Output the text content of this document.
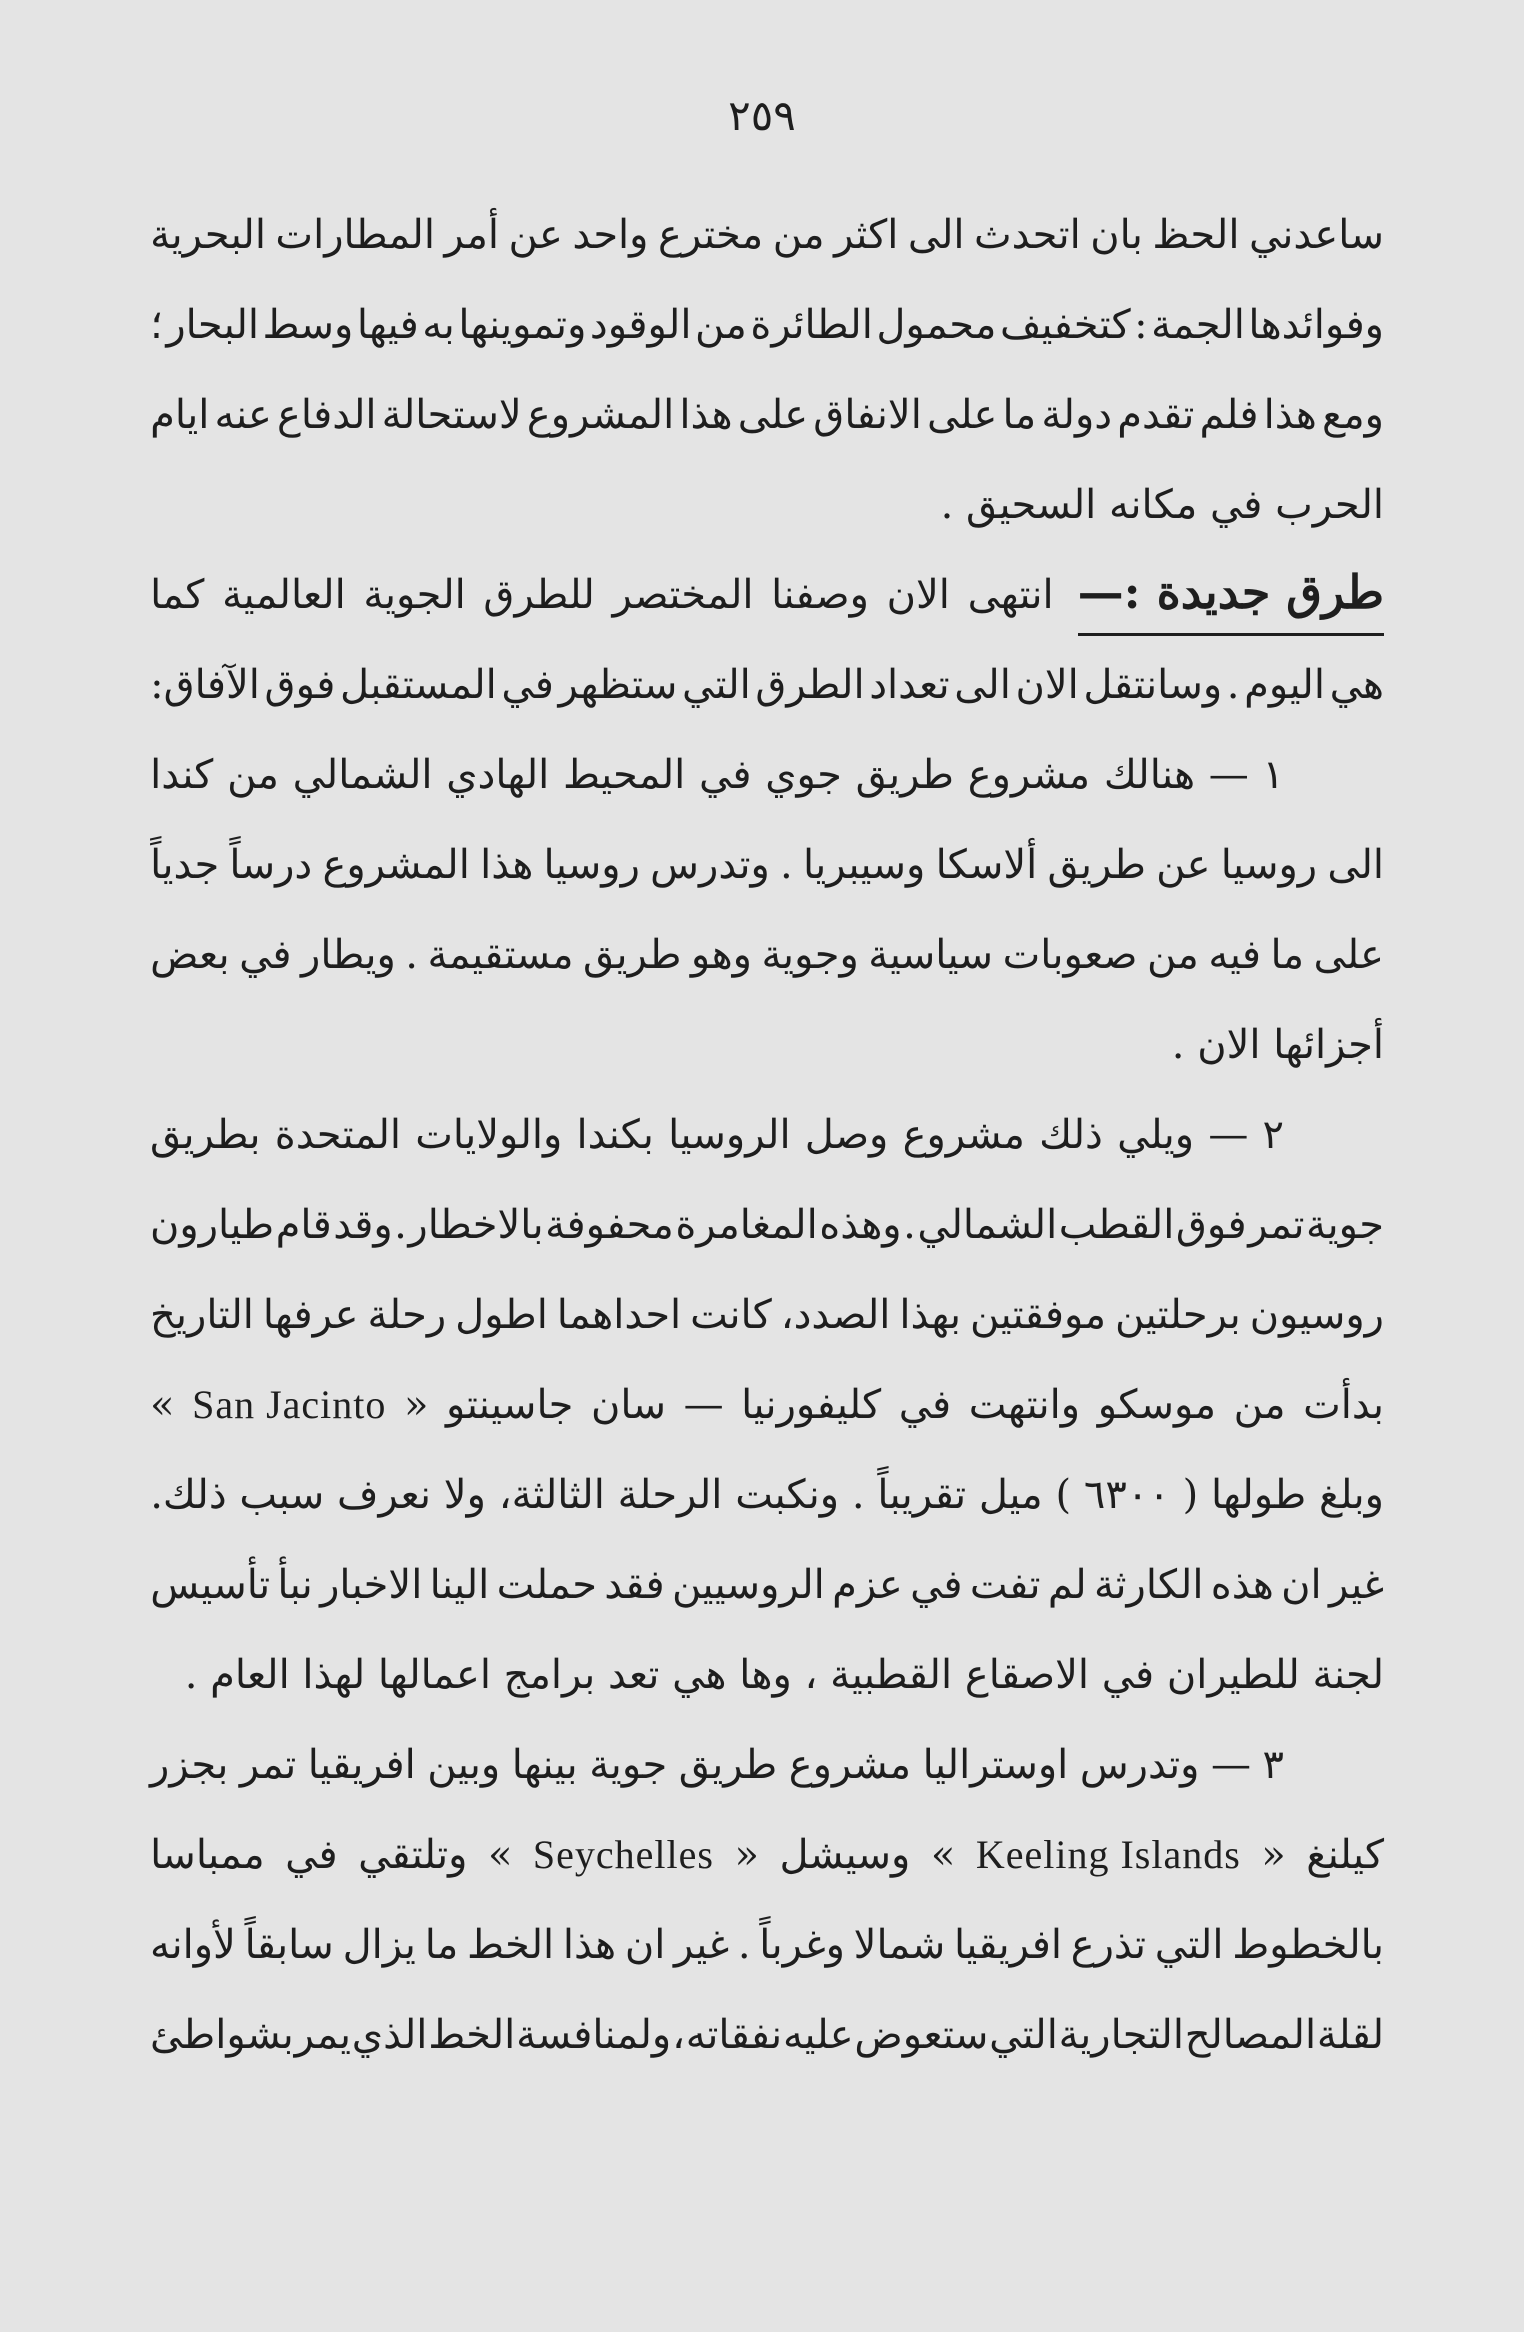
٢٥٩
ساعدني
الحظ
بان
اتحدث
الى
اكثر
من
مخترع
واحد
عن
أمر
المطارات
البحرية
وفوائدها
الجمة
:
كتخفيف
محمول
الطائرة
من
الوقود
وتموينها
به
فيها
وسط
البحار
؛
ومع
هذا
فلم
تقدم
دولة
ما
على
الانفاق
على
هذا
المشروع
لاستحالة
الدفاع
عنه
ايام
الحرب في مكانه السحيق .
طرق جديدة :—
انتهى
الان
وصفنا
المختصر
للطرق
الجوية
العالمية
كما
هي
اليوم
.
وسانتقل
الان
الى
تعداد
الطرق
التي
ستظهر
في
المستقبل
فوق
الآفاق:
١
—
هنالك
مشروع
طريق
جوي
في
المحيط
الهادي
الشمالي
من
كندا
الى
روسيا
عن
طريق
ألاسكا
وسيبريا
.
وتدرس
روسيا
هذا
المشروع
درساً
جدياً
على
ما
فيه
من
صعوبات
سياسية
وجوية
وهو
طريق
مستقيمة
.
ويطار
في
بعض
أجزائها الان .
٢
—
ويلي
ذلك
مشروع
وصل
الروسيا
بكندا
والولايات
المتحدة
بطريق
جوية
تمر
فوق
القطب
الشمالي
.
وهذه
المغامرة
محفوفة
بالاخطار
.
وقد
قام
طيارون
روسيون
برحلتين
موفقتين
بهذا
الصدد،
كانت
احداهما
اطول
رحلة
عرفها
التاريخ
بدأت
من
موسكو
وانتهت
في
كليفورنيا
—
سان
جاسينتو
«
San Jacinto
»
وبلغ
طولها
(
٦٣٠٠
)
ميل
تقريباً
.
ونكبت
الرحلة
الثالثة،
ولا
نعرف
سبب
ذلك.
غير
ان
هذه
الكارثة
لم
تفت
في
عزم
الروسيين
فقد
حملت
الينا
الاخبار
نبأ
تأسيس
لجنة للطيران في الاصقاع القطبية ، وها هي تعد برامج اعمالها لهذا العام .
٣
—
وتدرس
اوستراليا
مشروع
طريق
جوية
بينها
وبين
افريقيا
تمر
بجزر
كيلنغ
«
Keeling Islands
»
وسيشل
«
Seychelles
»
وتلتقي
في
ممباسا
بالخطوط
التي
تذرع
افريقيا
شمالا
وغرباً
.
غير
ان
هذا
الخط
ما
يزال
سابقاً
لأوانه
لقلة
المصالح
التجارية
التي
ستعوض
عليه
نفقاته
،
ولمنافسة
الخط
الذي
يمر
بشواطئ
